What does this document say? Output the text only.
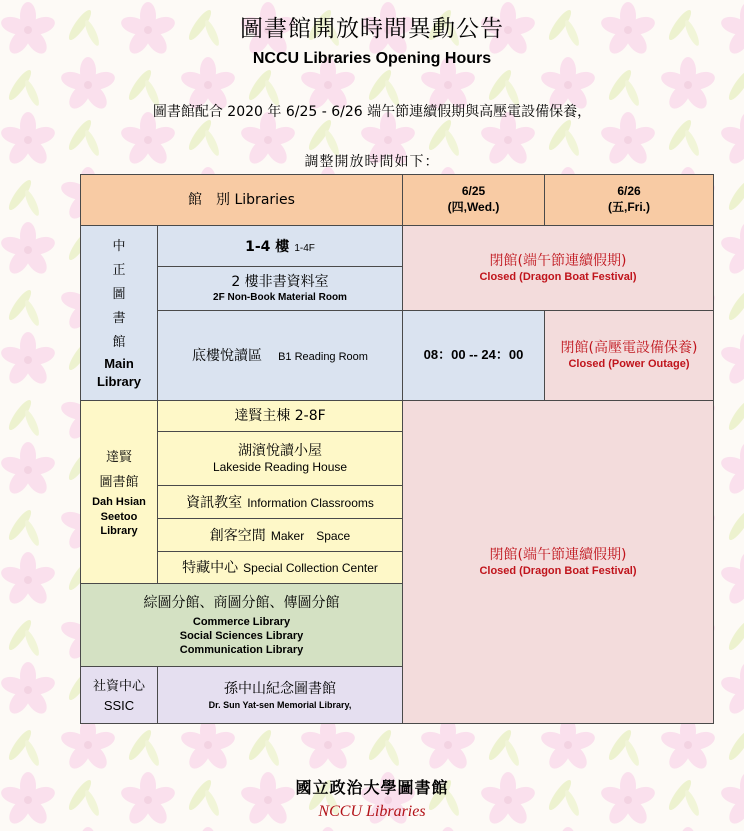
圖書館開放時間異動公告
NCCU Libraries Opening Hours
圖書館配合 2020 年 6/25 - 6/26 端午節連續假期與高壓電設備保養，
調整開放時間如下：
館　別 Libraries
6/25
(四,Wed.)
6/26
(五,Fri.)
中
正
圖
書
館
Main
Library
1-4 樓 1-4F
2 樓非書資料室
2F Non-Book Material Room
底樓悅讀區　 B1 Reading Room
閉館(端午節連續假期)
Closed (Dragon Boat Festival)
08：00 -- 24：00	閉館(高壓電設備保養)
Closed (Power Outage)
達賢
圖書館
Dah Hsian
Seetoo
Library
達賢主棟 2-8F
湖濱悅讀小屋
Lakeside Reading House
資訊教室 Information Classrooms
創客空間 Maker　Space
特藏中心 Special Collection Center
綜圖分館、商圖分館、傳圖分館
Commerce Library
Social Sciences Library
Communication Library
社資中心
SSIC
孫中山紀念圖書館
Dr. Sun Yat-sen Memorial Library,
閉館(端午節連續假期)
Closed (Dragon Boat Festival)
國立政治大學圖書館
NCCU Libraries
